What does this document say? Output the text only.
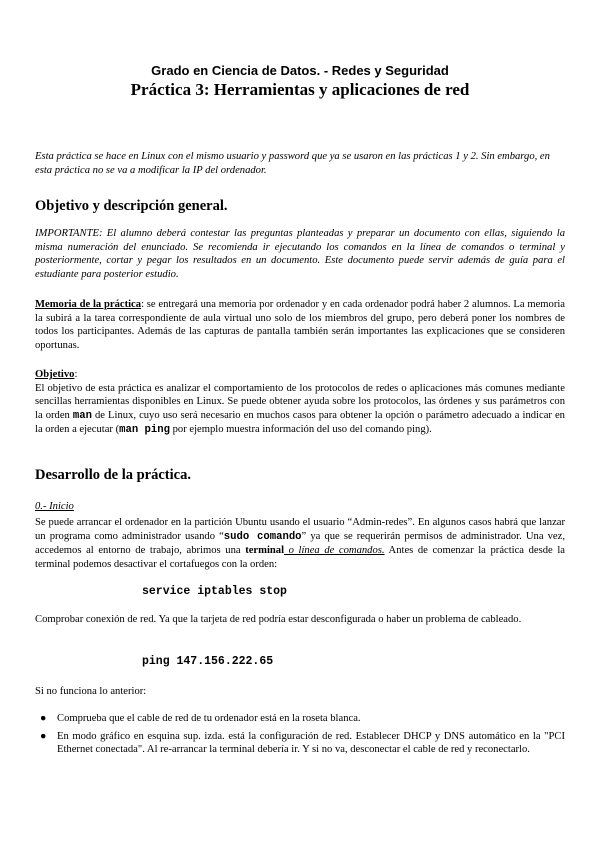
Grado en Ciencia de Datos. - Redes y Seguridad
Práctica 3: Herramientas y aplicaciones de red
Esta práctica se hace en Linux con el mismo usuario y password que ya se usaron en las prácticas 1 y 2. Sin embargo, en esta práctica no se va a modificar la IP del ordenador.
Objetivo y descripción general.
IMPORTANTE: El alumno deberá contestar las preguntas planteadas y preparar un documento con ellas, siguiendo la misma numeración del enunciado. Se recomienda ir ejecutando los comandos en la línea de comandos o terminal y posteriormente, cortar y pegar los resultados en un documento. Este documento puede servir además de guía para el estudiante para posterior estudio.
Memoria de la práctica: se entregará una memoria por ordenador y en cada ordenador podrá haber 2 alumnos. La memoria la subirá a la tarea correspondiente de aula virtual uno solo de los miembros del grupo, pero deberá poner los nombres de todos los participantes. Además de las capturas de pantalla también serán importantes las explicaciones que se consideren oportunas.
Objetivo:
El objetivo de esta práctica es analizar el comportamiento de los protocolos de redes o aplicaciones más comunes mediante sencillas herramientas disponibles en Linux. Se puede obtener ayuda sobre los protocolos, las órdenes y sus parámetros con la orden man de Linux, cuyo uso será necesario en muchos casos para obtener la opción o parámetro adecuado a indicar en la orden a ejecutar (man ping por ejemplo muestra información del uso del comando ping).
Desarrollo de la práctica.
0.- Inicio
Se puede arrancar el ordenador en la partición Ubuntu usando el usuario “Admin-redes”. En algunos casos habrá que lanzar un programa como administrador usando “sudo comando” ya que se requerirán permisos de administrador. Una vez, accedemos al entorno de trabajo, abrimos una terminal o línea de comandos. Antes de comenzar la práctica desde la terminal podemos desactivar el cortafuegos con la orden:
service iptables stop
Comprobar conexión de red. Ya que la tarjeta de red podría estar desconfigurada o haber un problema de cableado.
ping 147.156.222.65
Si no funciona lo anterior:
● Comprueba que el cable de red de tu ordenador está en la roseta blanca.
● En modo gráfico en esquina sup. izda. está la configuración de red. Establecer DHCP y DNS automático en la "PCI Ethernet conectada". Al re-arrancar la terminal debería ir. Y si no va, desconectar el cable de red y reconectarlo.
